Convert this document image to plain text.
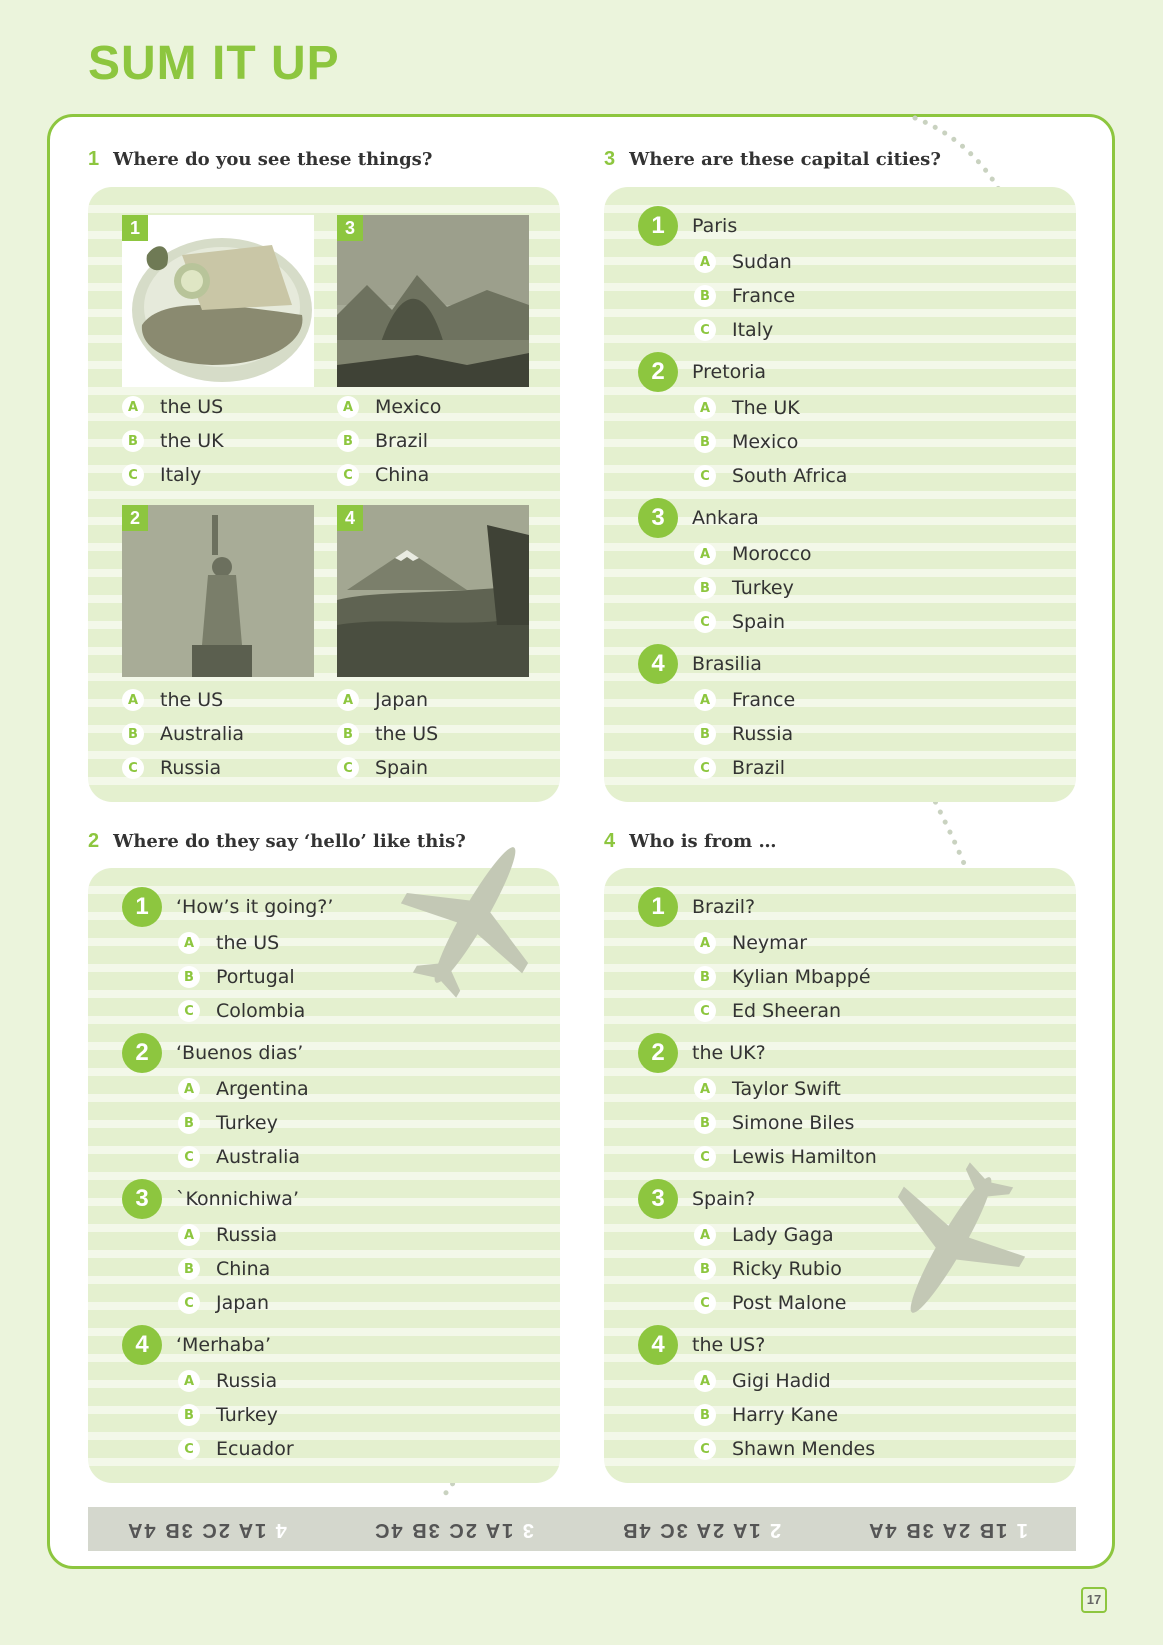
SUM IT UP
1 Where do you see these things?
1
A	the US
B	the UK
C	Italy
3
A	Mexico
B	Brazil
C	China
2
A	the US
B	Australia
C	Russia
4
A	Japan
B	the US
C	Spain
3 Where are these capital cities?
1	Paris
A	Sudan
B	France
C	Italy
2	Pretoria
A	The UK
B	Mexico
C	South Africa
3	Ankara
A	Morocco
B	Turkey
C	Spain
4	Brasilia
A	France
B	Russia
C	Brazil
2 Where do they say ‘hello’ like this?
1	‘How’s it going?’
A	the US
B	Portugal
C	Colombia
2	‘Buenos dias’
A	Argentina
B	Turkey
C	Australia
3	`Konnichiwa’
A	Russia
B	China
C	Japan
4	‘Merhaba’
A	Russia
B	Turkey
C	Ecuador
4 Who is from …
1	Brazil?
A	Neymar
B	Kylian Mbappé
C	Ed Sheeran
2	the UK?
A	Taylor Swift
B	Simone Biles
C	Lewis Hamilton
3	Spain?
A	Lady Gaga
B	Ricky Rubio
C	Post Malone
4	the US?
A	Gigi Hadid
B	Harry Kane
C	Shawn Mendes
4 1A 2C 3B 4A	3 1A 2C 3B 4C	2 1A 2A 3C 4B	1 1B 2A 3B 4A
17
